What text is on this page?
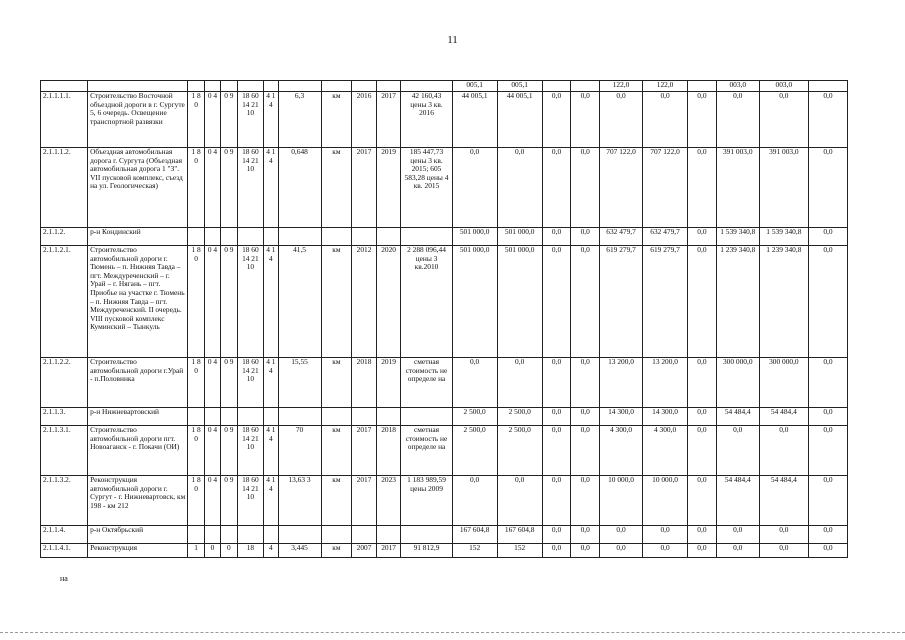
11
												005,1	005,1			122,0	122,0		003,0	003,0	
2.1.1.1.1.	Строительство Восточной объездной дороги в г. Сургуте 5, 6 очередь. Освещение транспортной развязки	1 8 0	0 4	0 9	18 60 14 21 10	4 1 4	6,3	км	2016	2017	42 160,43 цены 3 кв. 2016	44 005,1	44 005,1	0,0	0,0	0,0	0,0	0,0	0,0	0,0	0,0
2.1.1.1.2.	Объездная автомобильная дорога г. Сургута (Объездная автомобильная дорога 1 "З". VII пусковой комплекс, съезд на ул. Геологическая)	1 8 0	0 4	0 9	18 60 14 21 10	4 1 4	0,648	км	2017	2019	185 447,73 цены 3 кв. 2015; 605 583,28 цены 4 кв. 2015	0,0	0,0	0,0	0,0	707 122,0	707 122,0	0,0	391 003,0	391 003,0	0,0
2.1.1.2.	р-н Кондинский											501 000,0	501 000,0	0,0	0,0	632 479,7	632 479,7	0,0	1 539 340,8	1 539 340,8	0,0
2.1.1.2.1.	Строительство автомобильной дороги г. Тюмень – п. Нижняя Тавда – пгт. Междуреченский – г. Урай – г. Нягань – пгт. Приобье на участке г. Тюмень – п. Нижняя Тавда – пгт. Междуреченский. II очередь. VIII пусковой комплекс Куминский – Тынкуль	1 8 0	0 4	0 9	18 60 14 21 10	4 1 4	41,5	км	2012	2020	2 288 096,44 цены 3 кв.2010	501 000,0	501 000,0	0,0	0,0	619 279,7	619 279,7	0,0	1 239 340,8	1 239 340,8	0,0
2.1.1.2.2.	Строительство автомобильной дороги г.Урай - п.Половинка	1 8 0	0 4	0 9	18 60 14 21 10	4 1 4	15,55	км	2018	2019	сметная стоимость не определе на	0,0	0,0	0,0	0,0	13 200,0	13 200,0	0,0	300 000,0	300 000,0	0,0
2.1.1.3.	р-н Нижневартовский											2 500,0	2 500,0	0,0	0,0	14 300,0	14 300,0	0,0	54 484,4	54 484,4	0,0
2.1.1.3.1.	Строительство автомобильной дороги пгт. Новоаганск - г. Покачи (ОИ)	1 8 0	0 4	0 9	18 60 14 21 10	4 1 4	70	км	2017	2018	сметная стоимость не определе на	2 500,0	2 500,0	0,0	0,0	4 300,0	4 300,0	0,0	0,0	0,0	0,0
2.1.1.3.2.	Реконструкция автомобильной дороги г. Сургут - г. Нижневартовск, км 198 - км 212	1 8 0	0 4	0 9	18 60 14 21 10	4 1 4	13,63 3	км	2017	2023	1 183 989,59 цены 2009	0,0	0,0	0,0	0,0	10 000,0	10 000,0	0,0	54 484,4	54 484,4	0,0
2.1.1.4.	р-н Октябрьский											167 604,8	167 604,8	0,0	0,0	0,0	0,0	0,0	0,0	0,0	0,0
2.1.1.4.1.	Реконструкция	1	0	0	18	4	3,445	км	2007	2017	91 812,9	152	152	0,0	0,0	0,0	0,0	0,0	0,0	0,0	0,0
на
